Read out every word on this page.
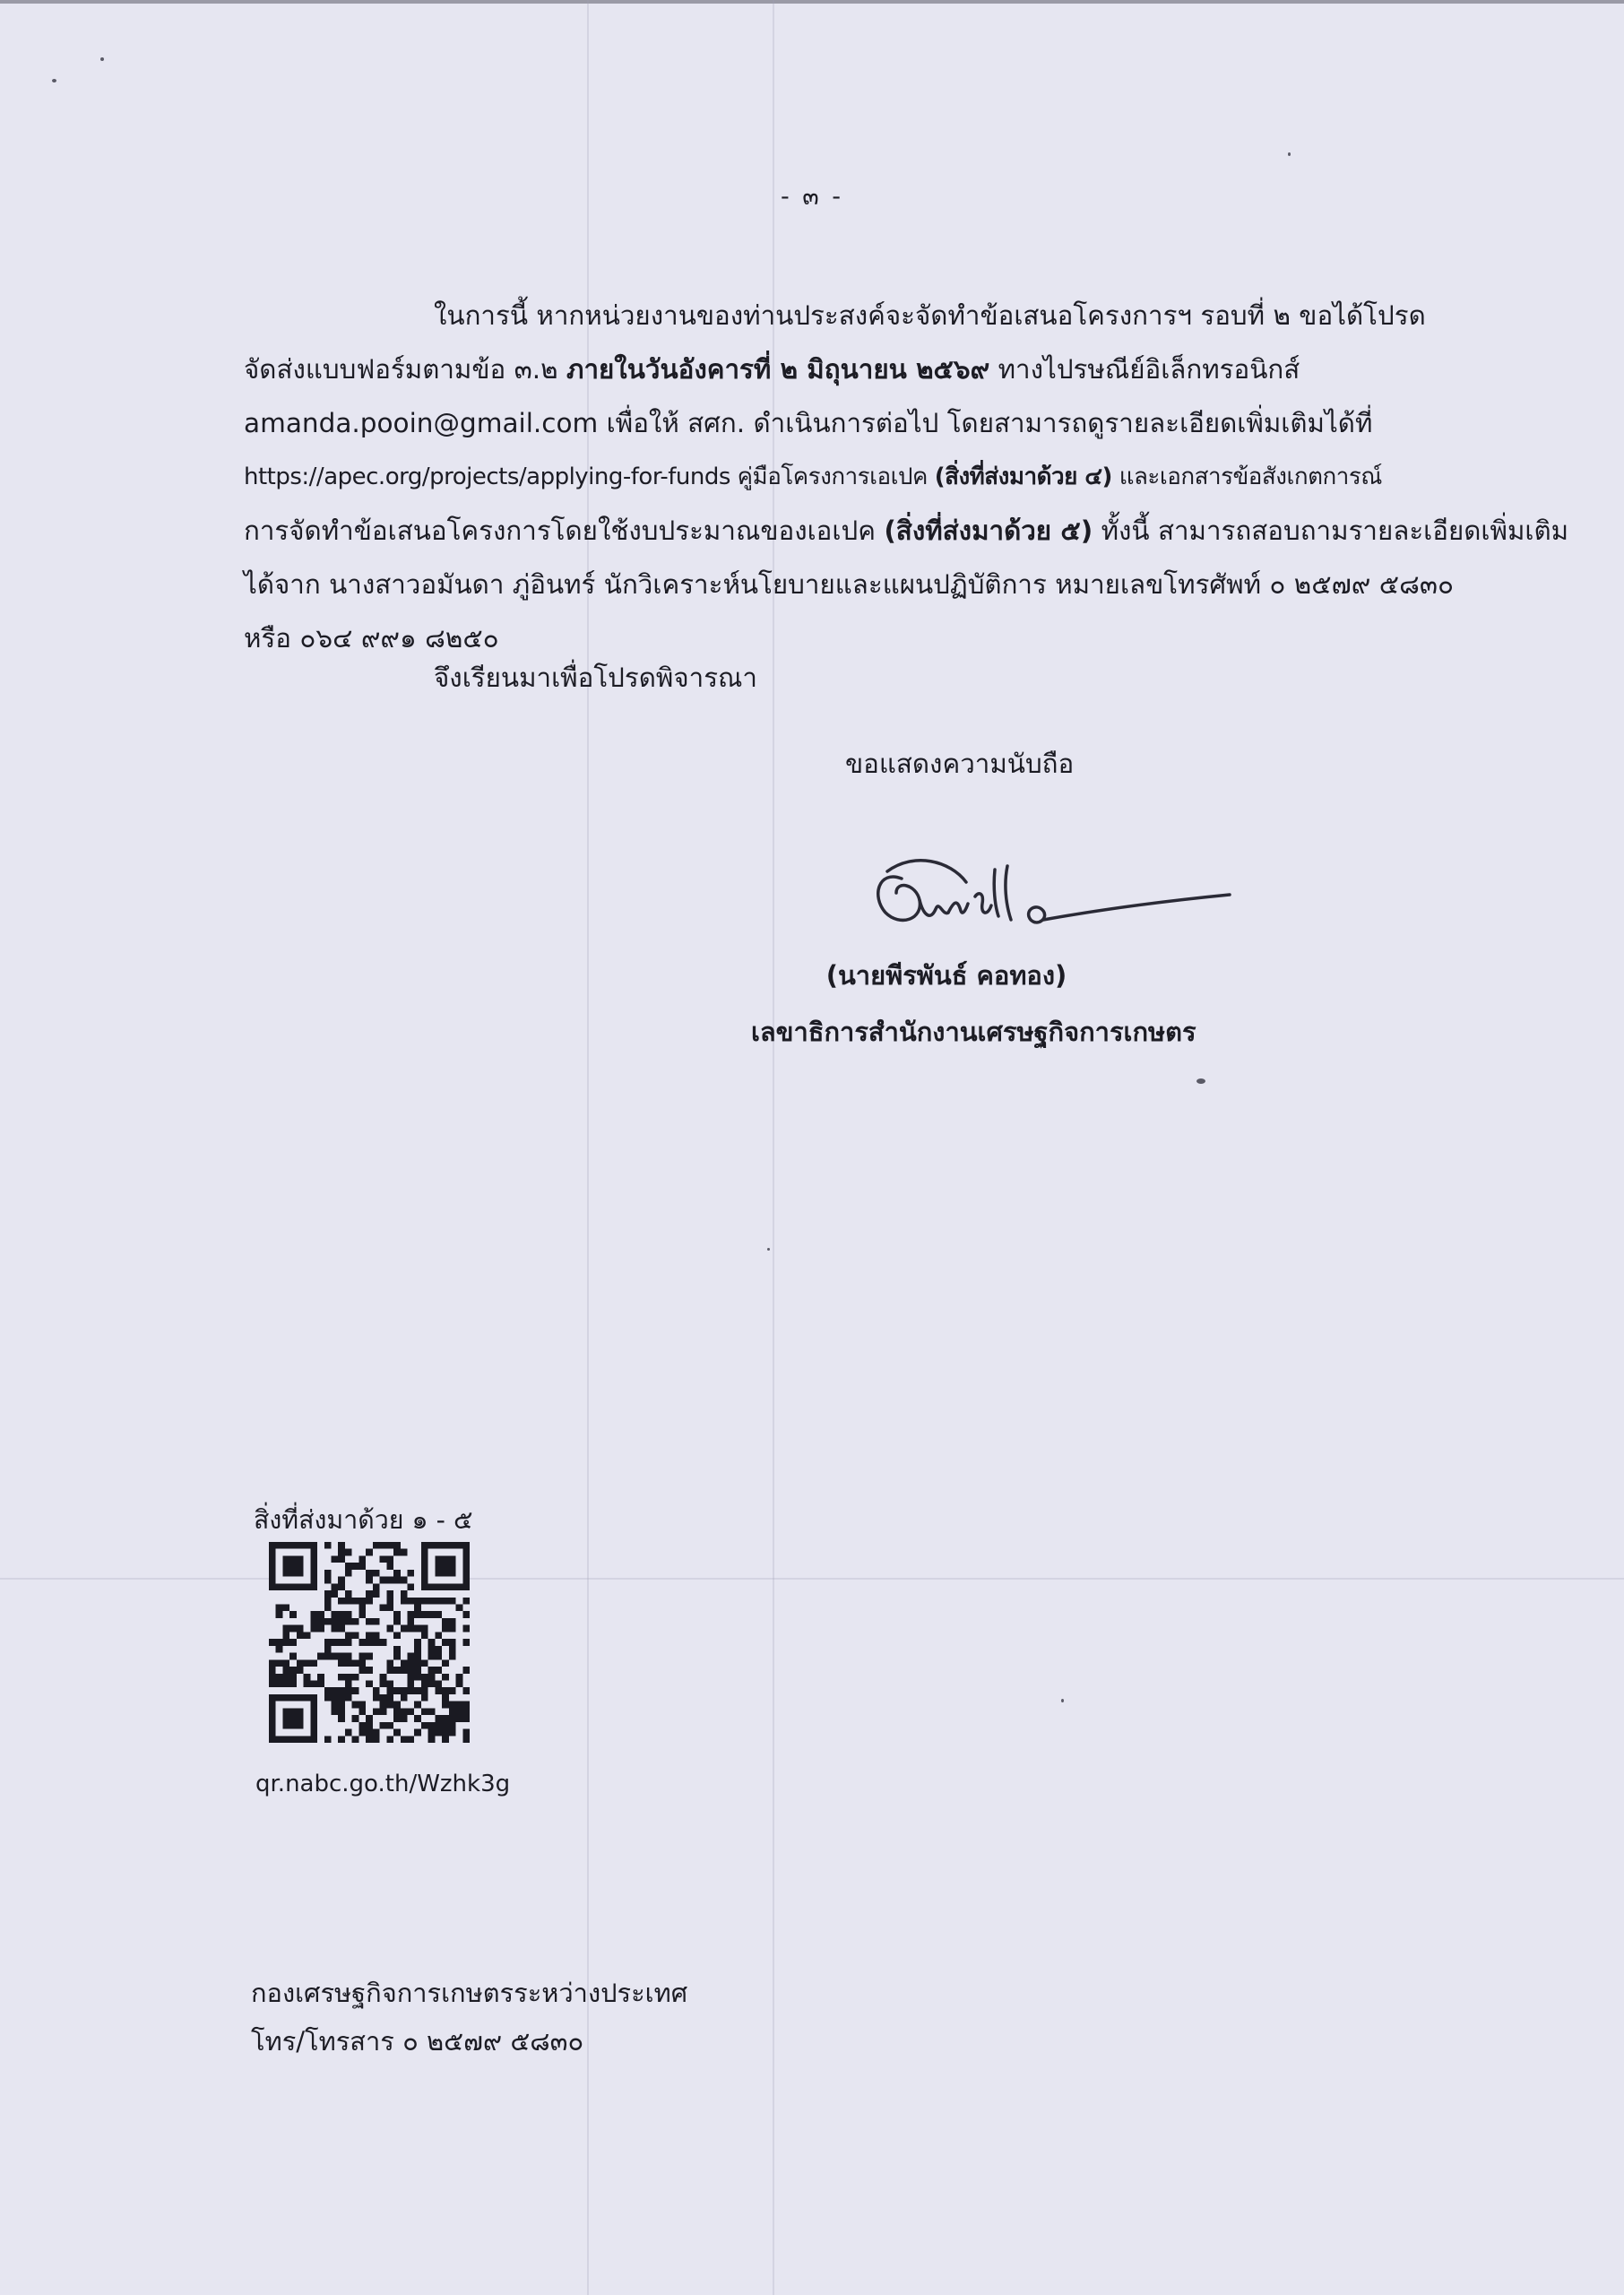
- ๓ -
ในการนี้ หากหน่วยงานของท่านประสงค์จะจัดทำข้อเสนอโครงการฯ รอบที่ ๒ ขอได้โปรด
จัดส่งแบบฟอร์มตามข้อ ๓.๒ ภายในวันอังคารที่ ๒ มิถุนายน ๒๕๖๙ ทางไปรษณีย์อิเล็กทรอนิกส์
amanda.pooin@gmail.com เพื่อให้ สศก. ดำเนินการต่อไป โดยสามารถดูรายละเอียดเพิ่มเติมได้ที่
https://apec.org/projects/applying-for-funds คู่มือโครงการเอเปค (สิ่งที่ส่งมาด้วย ๔) และเอกสารข้อสังเกตการณ์
การจัดทำข้อเสนอโครงการโดยใช้งบประมาณของเอเปค (สิ่งที่ส่งมาด้วย ๕) ทั้งนี้ สามารถสอบถามรายละเอียดเพิ่มเติม
ได้จาก นางสาวอมันดา ภู่อินทร์ นักวิเคราะห์นโยบายและแผนปฏิบัติการ หมายเลขโทรศัพท์ ๐ ๒๕๗๙ ๕๘๓๐
หรือ ๐๖๔ ๙๙๑ ๘๒๕๐
จึงเรียนมาเพื่อโปรดพิจารณา
ขอแสดงความนับถือ
(นายพีรพันธ์ คอทอง)
เลขาธิการสำนักงานเศรษฐกิจการเกษตร
สิ่งที่ส่งมาด้วย ๑ - ๕
qr.nabc.go.th/Wzhk3g
กองเศรษฐกิจการเกษตรระหว่างประเทศ
โทร/โทรสาร ๐ ๒๕๗๙ ๕๘๓๐
